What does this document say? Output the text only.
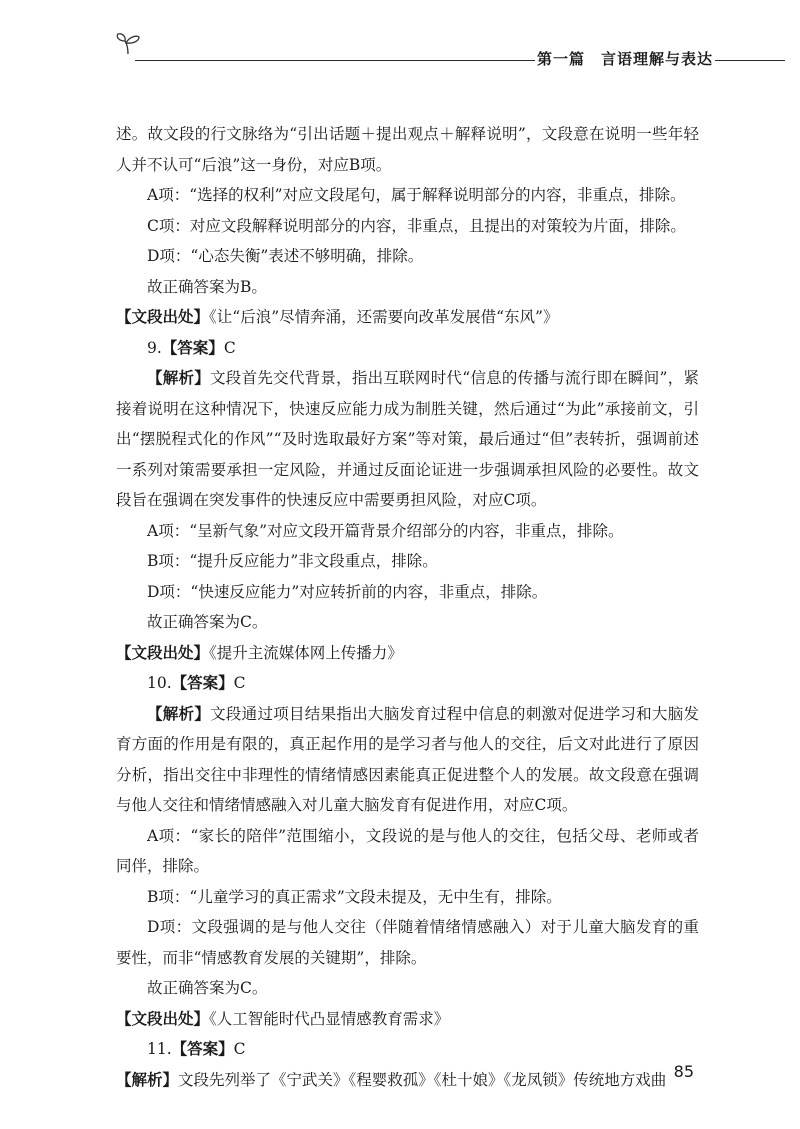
第一篇　言语理解与表达

述。故文段的行文脉络为“引出话题＋提出观点＋解释说明”，文段意在说明一些年轻人并不认可“后浪”这一身份，对应B项。

A项：“选择的权利”对应文段尾句，属于解释说明部分的内容，非重点，排除。

C项：对应文段解释说明部分的内容，非重点，且提出的对策较为片面，排除。

D项：“心态失衡”表述不够明确，排除。

故正确答案为B。

【文段出处】《让“后浪”尽情奔涌，还需要向改革发展借“东风”》

9.【答案】C

【解析】文段首先交代背景，指出互联网时代“信息的传播与流行即在瞬间”，紧接着说明在这种情况下，快速反应能力成为制胜关键，然后通过“为此”承接前文，引出“摆脱程式化的作风”“及时选取最好方案”等对策，最后通过“但”表转折，强调前述一系列对策需要承担一定风险，并通过反面论证进一步强调承担风险的必要性。故文段旨在强调在突发事件的快速反应中需要勇担风险，对应C项。

A项：“呈新气象”对应文段开篇背景介绍部分的内容，非重点，排除。

B项：“提升反应能力”非文段重点，排除。

D项：“快速反应能力”对应转折前的内容，非重点，排除。

故正确答案为C。

【文段出处】《提升主流媒体网上传播力》

10.【答案】C

【解析】文段通过项目结果指出大脑发育过程中信息的刺激对促进学习和大脑发育方面的作用是有限的，真正起作用的是学习者与他人的交往，后文对此进行了原因分析，指出交往中非理性的情绪情感因素能真正促进整个人的发展。故文段意在强调与他人交往和情绪情感融入对儿童大脑发育有促进作用，对应C项。

A项：“家长的陪伴”范围缩小，文段说的是与他人的交往，包括父母、老师或者同伴，排除。

B项：“儿童学习的真正需求”文段未提及，无中生有，排除。

D项：文段强调的是与他人交往（伴随着情绪情感融入）对于儿童大脑发育的重要性，而非“情感教育发展的关键期”，排除。

故正确答案为C。

【文段出处】《人工智能时代凸显情感教育需求》

11.【答案】C

【解析】文段先列举了《宁武关》《程婴救孤》《杜十娘》《龙凤锁》传统地方戏曲 85
